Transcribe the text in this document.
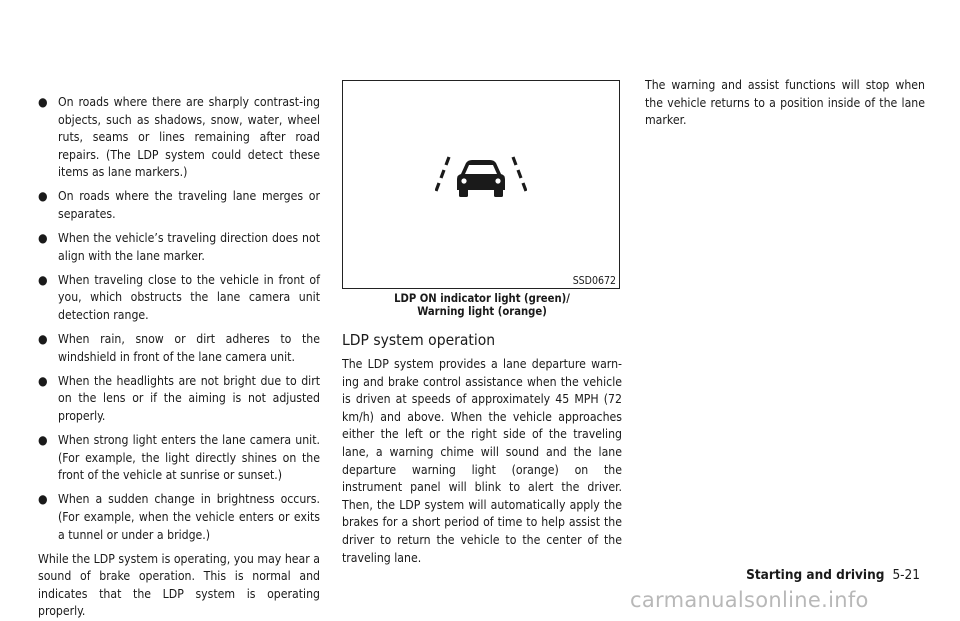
● On roads where there are sharply contrast-ing objects, such as shadows, snow, water, wheel ruts, seams or lines remaining after road repairs. (The LDP system could detect these items as lane markers.)
● On roads where the traveling lane merges or separates.
● When the vehicle’s traveling direction does not align with the lane marker.
● When traveling close to the vehicle in front of you, which obstructs the lane camera unit detection range.
● When rain, snow or dirt adheres to the windshield in front of the lane camera unit.
● When the headlights are not bright due to dirt on the lens or if the aiming is not adjusted properly.
● When strong light enters the lane camera unit. (For example, the light directly shines on the front of the vehicle at sunrise or sunset.)
● When a sudden change in brightness occurs. (For example, when the vehicle enters or exits a tunnel or under a bridge.)

While the LDP system is operating, you may hear a sound of brake operation. This is normal and indicates that the LDP system is operating properly.

SSD0672
LDP ON indicator light (green)/
Warning light (orange)
LDP system operation

The LDP system provides a lane departure warn-ing and brake control assistance when the vehicle is driven at speeds of approximately 45 MPH (72 km/h) and above. When the vehicle approaches either the left or the right side of the traveling lane, a warning chime will sound and the lane departure warning light (orange) on the instrument panel will blink to alert the driver. Then, the LDP system will automatically apply the brakes for a short period of time to help assist the driver to return the vehicle to the center of the traveling lane.

The warning and assist functions will stop when the vehicle returns to a position inside of the lane marker.

Starting and driving 5-21
carmanualsonline.info
